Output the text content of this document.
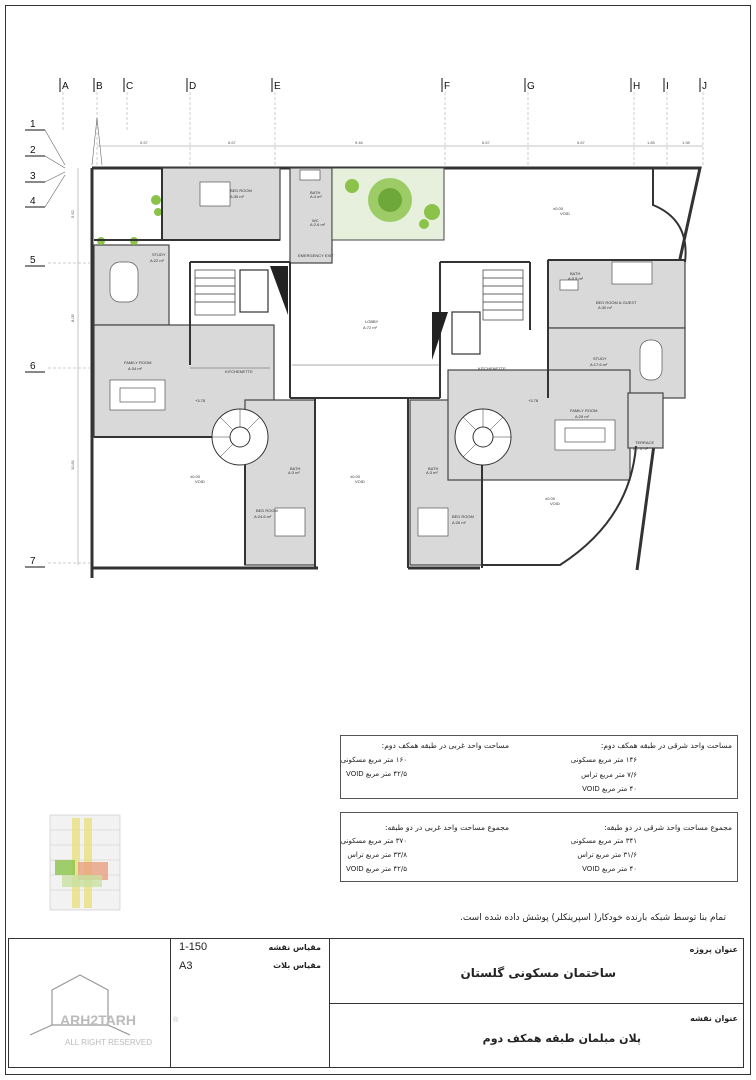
A	B C	D	E	F	G	H	I	J
1
2
3
4
5
6
7
5.57	6.67	9.46	6.67	5.87	1.85	1.98
5.52
8.05
10.81
BED ROOM
A:30 m²
BATH
A:4 m²
WC
A:2.6 m²
EMERGENCY EXIT
±0.00
VOID
STUDY
A:22 m²
LOBBY
A:72 m²
BATH
A:5.5 m²
BED ROOM & GUEST
A:30 m²
FAMILY ROOM
A:34 m²
KITCHENETTE
KITCHENETTE
STUDY
A:17.6 m²
FAMILY ROOM
A:29 m²
TERRACE
A:7.6 m²
+3.78	+3.78
±0.00
VOID
±0.00
VOID
±0.00
VOID
BATH
A:3 m²
BATH
A:3 m²
BED ROOM
A:24.6 m²	BED ROOM
A:26 m²
مساحت واحد شرقی در طبقه همکف دوم:
۱۴۶ متر مربع مسکونی
۷/۶ متر مربع تراس
۴۰ متر مربع VOID
مساحت واحد غربی در طبقه همکف دوم:
۱۶۰ متر مربع مسکونی
۴۲/۵ متر مربع VOID
مجموع مساحت واحد شرقی در دو طبقه:
۳۴۱ متر مربع مسکونی
۳۱/۶ متر مربع تراس
۴۰ متر مربع VOID
مجموع مساحت واحد غربی در دو طبقه:
۳۷۰ متر مربع مسکونی
۳۳/۸ متر مربع تراس
۴۲/۵ متر مربع VOID
تمام بنا توسط شبکه بارنده خودکار( اسپرینکلر) پوشش داده شده است.
مقیاس نقشه
1-150
مقیاس بلات
A3
عنوان پروژه
ساختمان مسکونی گلستان
عنوان نقشه
پلان مبلمان طبقه همکف دوم
ARH2TARH	®
ALL RIGHT RESERVED
